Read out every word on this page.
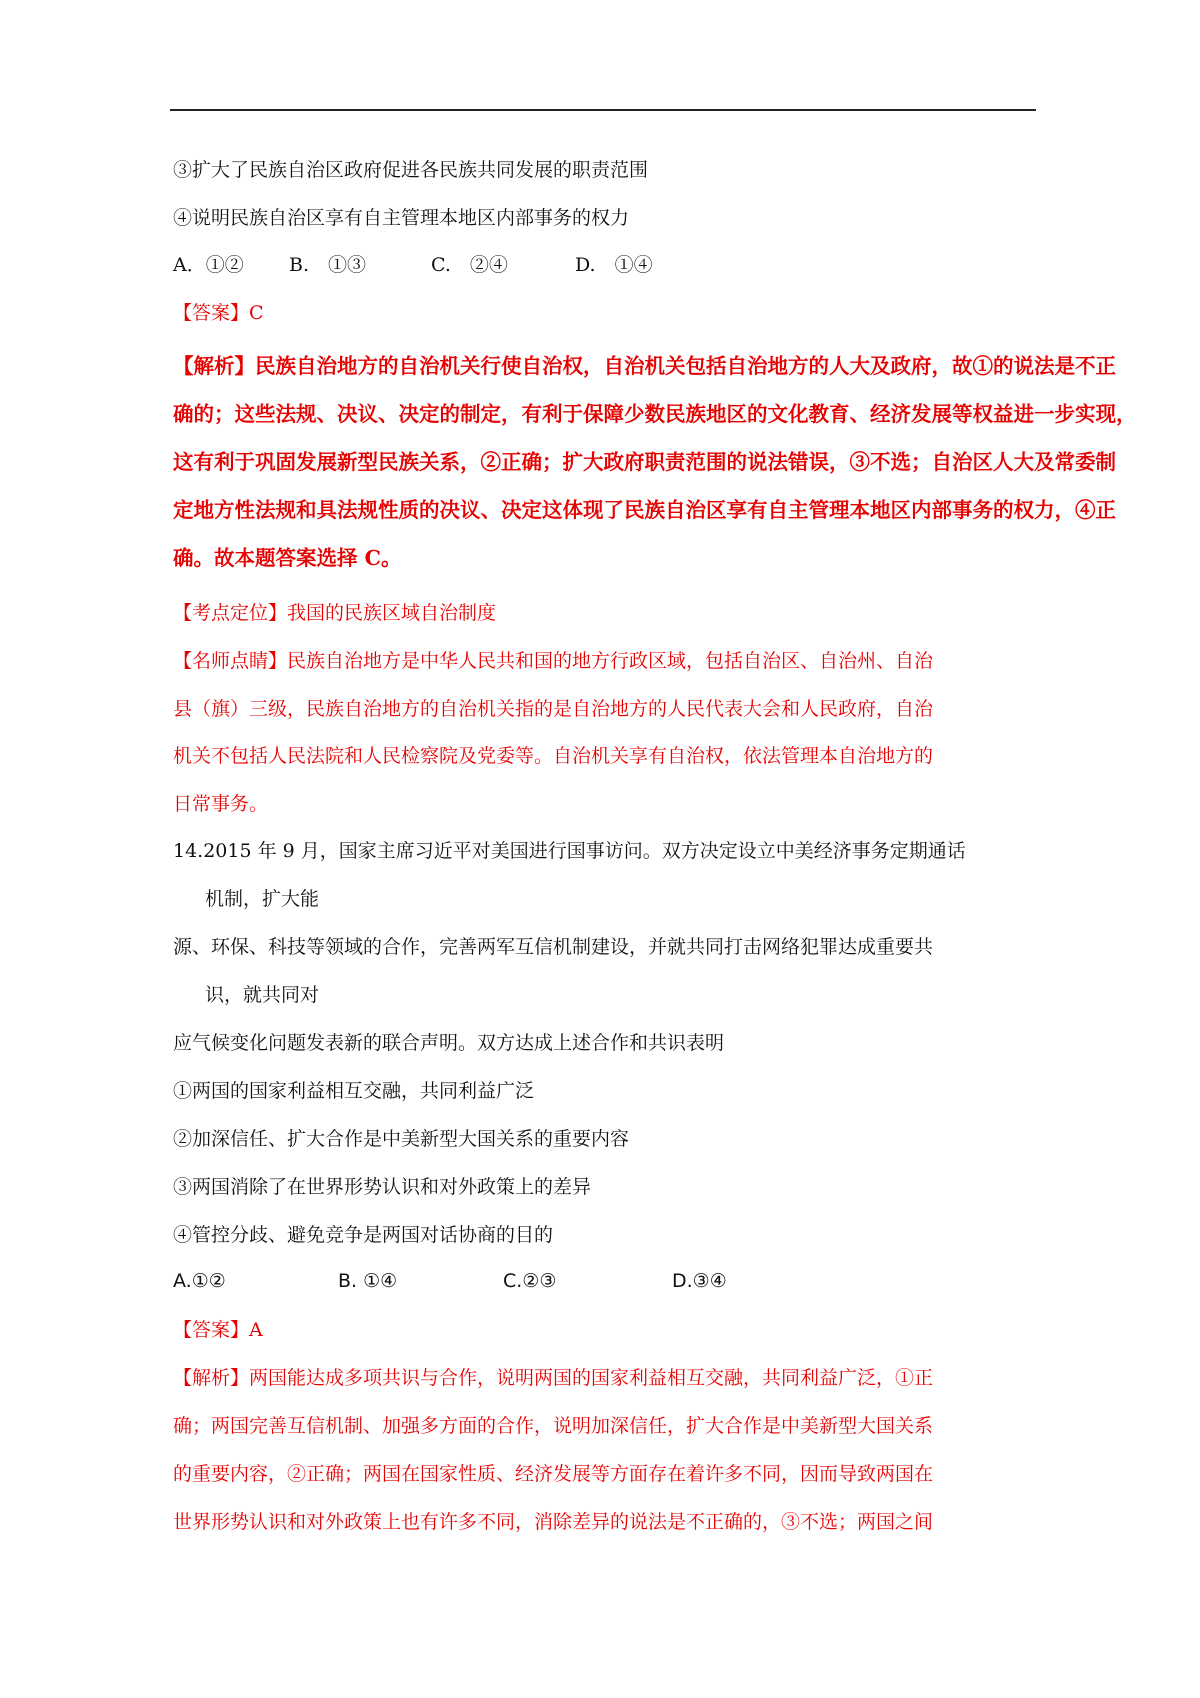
③扩大了民族自治区政府促进各民族共同发展的职责范围
④说明民族自治区享有自主管理本地区内部事务的权力
A．①② B.　①③	C.　②④	D.　①④
【答案】C
【解析】民族自治地方的自治机关行使自治权，自治机关包括自治地方的人大及政府，故①的说法是不正
确的；这些法规、决议、决定的制定，有利于保障少数民族地区的文化教育、经济发展等权益进一步实现，
这有利于巩固发展新型民族关系，②正确；扩大政府职责范围的说法错误，③不选；自治区人大及常委制
定地方性法规和具法规性质的决议、决定这体现了民族自治区享有自主管理本地区内部事务的权力，④正
确。故本题答案选择 C。
【考点定位】我国的民族区域自治制度
【名师点睛】民族自治地方是中华人民共和国的地方行政区域，包括自治区、自治州、自治
县（旗）三级，民族自治地方的自治机关指的是自治地方的人民代表大会和人民政府，自治
机关不包括人民法院和人民检察院及党委等。自治机关享有自治权，依法管理本自治地方的
日常事务。
14.2015 年 9 月，国家主席习近平对美国进行国事访问。双方决定设立中美经济事务定期通话
机制，扩大能
源、环保、科技等领域的合作，完善两军互信机制建设，并就共同打击网络犯罪达成重要共
识，就共同对
应气候变化问题发表新的联合声明。双方达成上述合作和共识表明
①两国的国家利益相互交融，共同利益广泛
②加深信任、扩大合作是中美新型大国关系的重要内容
③两国消除了在世界形势认识和对外政策上的差异
④管控分歧、避免竞争是两国对话协商的目的
A.①②	B. ①④	C.②③	D.③④
【答案】A
【解析】两国能达成多项共识与合作，说明两国的国家利益相互交融，共同利益广泛，①正
确；两国完善互信机制、加强多方面的合作，说明加深信任，扩大合作是中美新型大国关系
的重要内容，②正确；两国在国家性质、经济发展等方面存在着许多不同，因而导致两国在
世界形势认识和对外政策上也有许多不同，消除差异的说法是不正确的，③不选；两国之间
